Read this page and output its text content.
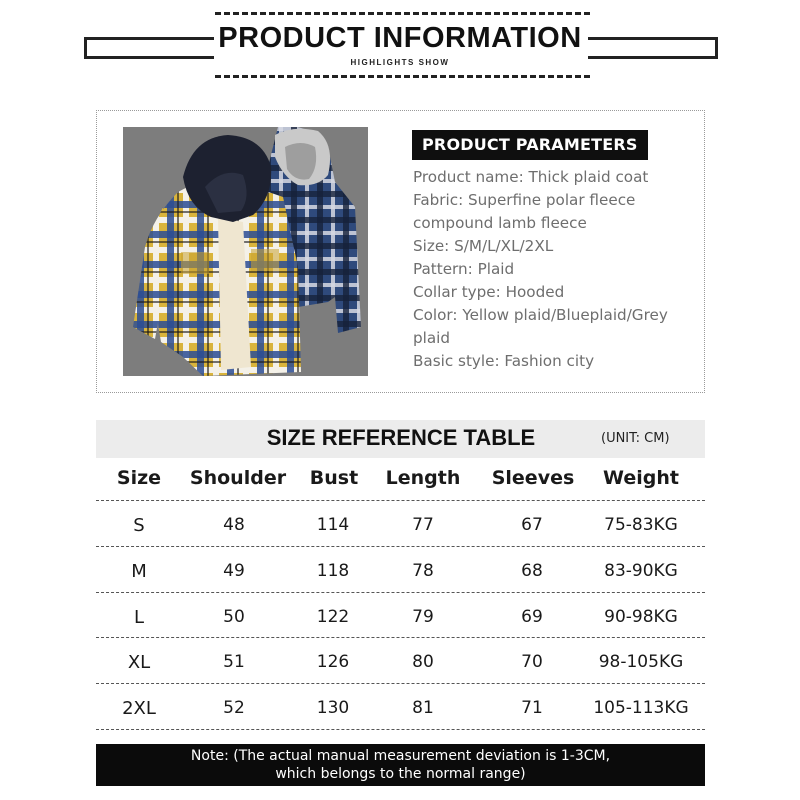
PRODUCT INFORMATION
HIGHLIGHTS SHOW
PRODUCT PARAMETERS
Product name: Thick plaid coat
Fabric: Superfine polar fleece compound lamb fleece
Size: S/M/L/XL/2XL
Pattern: Plaid
Collar type: Hooded
Color: Yellow plaid/Blueplaid/Grey plaid
Basic style: Fashion city
SIZE REFERENCE TABLE	(UNIT: CM)
Size Shoulder Bust Length Sleeves Weight
S	48	114	77	67	75-83KG
M	49	118	78	68	83-90KG
L	50	122	79	69	90-98KG
XL	51	126	80	70	98-105KG
2XL	52	130	81	71	105-113KG
Note: (The actual manual measurement deviation is 1-3CM,
which belongs to the normal range)
